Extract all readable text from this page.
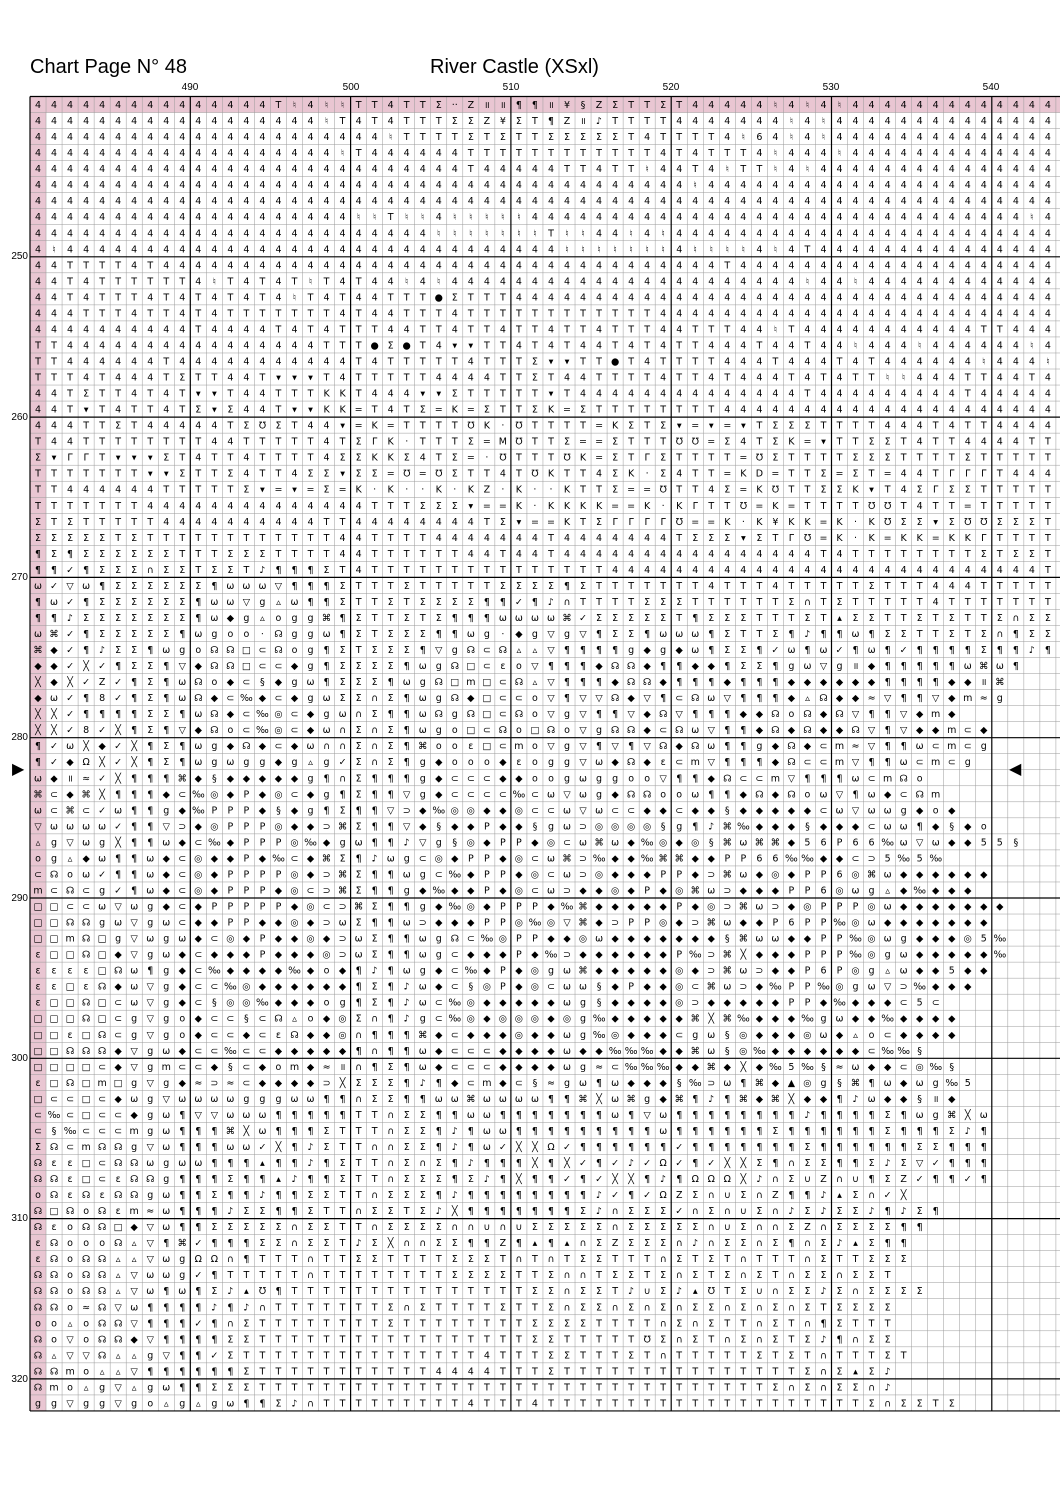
Chart Page N° 48	River Castle (XSxl)
490	500	510	520	530	540
250
260
270
280
290
300
310
320
4 4 4 4 4 4 4 4 4 4 4 4 4 4 4 T ♮ 4 ♮ ♮ T T 4 T T Σ ·· Z ॥ ॥ ¶ ¶ ॥ ¥ § Z Σ T T Σ T 4 4 4 4 4 ♮ 4 ♮ 4 ♮ 4 4 4 4 4 4 4 4 4 4 4 4 4
4 4 4 4 4 4 4 4 4 4 4 4 4 4 4 4 4 4 ♮ T 4 T 4 T T T Σ Σ Z ¥ Σ T ¶ Z ॥ ♪ T T T T 4 4 4 4 4 4 4 ♮ 4 ♮ 4 4 4 4 4 4 4 4 4 4 4 4 4 4
4 4 4 4 4 4 4 4 4 4 4 4 4 4 4 4 4 4 4 4 4 4 ♮ T T T T Σ T Σ T T Σ Σ Σ Σ Σ T 4 T T T T 4 ♮ 6 4 ♮ 4 ♮ 4 4 4 4 4 4 4 4 4 4 4 4 4 4
4 4 4 4 4 4 4 4 4 4 4 4 4 4 4 4 4 4 4 ♮ T 4 4 4 4 4 4 T T T T T T T T T T T T 4 T 4 T T T 4 ♮ 4 4 4 ♮ 4 4 4 4 4 4 4 4 4 4 4 4 4
4 4 4 4 4 4 4 4 4 4 4 4 4 4 4 4 4 4 4 4 4 4 4 4 4 4 4 T 4 4 4 4 4 T T 4 T T ♮ 4 4 T 4 ♮ T T ♮ 4 ♮ 4 4 4 4 4 4 4 4 4 4 4 4 4 4 4
4 4 4 4 4 4 4 4 4 4 4 4 4 4 4 4 4 4 4 4 4 4 4 4 4 4 4 4 4 4 4 4 4 4 4 4 4 4 4 4 4 ♮ 4 4 4 4 4 4 4 4 4 4 4 4 4 4 4 4 4 4 4 4 4 4
4 4 4 4 4 4 4 4 4 4 4 4 4 4 4 4 4 4 4 4 4 4 4 4 4 4 4 4 4 4 4 4 4 4 4 4 4 4 4 4 4 4 4 4 4 4 4 4 4 4 4 4 4 4 4 4 4 4 4 4 4 4 4 4
4 4 4 4 4 4 4 4 4 4 4 4 4 4 4 4 4 4 4 4 ♮ ♮ T ♮ ♮ 4 ♮ ♮ ♮ ♮ ♮ 4 4 4 4 4 4 4 4 4 4 4 4 4 4 4 4 4 4 4 4 4 4 4 4 4 4 4 4 4 4 4 ♮ 4
4 4 4 4 4 4 4 4 4 4 4 4 4 4 4 4 4 4 4 4 4 4 4 4 4 ♮ ♮ ♮ ♮ ♮ ♮ ♮ T ♮ ♮ 4 4 ♮ 4 ♮ 4 4 4 4 4 4 4 4 4 4 4 4 4 4 4 4 4 4 4 4 4 4 4 4
4 ♮ 4 4 4 4 4 4 4 4 4 4 4 4 4 4 4 4 4 4 4 4 4 4 4 4 4 4 4 4 4 4 4 ♮ ♮ ♮ ♮ ♮ ♮ ♮ 4 ♮ ♮ ♮ ♮ 4 ♮ 4 T 4 4 4 4 4 4 4 4 4 4 4 4 4 4 4
4 4 T T T T 4 T 4 4 4 4 4 4 4 4 4 4 4 4 4 4 4 4 4 4 4 4 4 4 4 4 4 4 4 4 4 4 4 4 4 4 4 T 4 4 4 4 4 4 4 4 4 4 4 4 4 4 4 4 4 4 4 4
4 4 T 4 T T T T T T 4 ♮ T 4 T 4 T ♮ T 4 T 4 4 ♮ 4 ♮ 4 4 4 4 4 4 4 4 4 4 4 4 4 4 4 4 4 4 4 4 4 4 ♮ 4 4 ♮ 4 4 4 4 4 4 4 4 4 4 4 4
4 4 T 4 T T T 4 T 4 T 4 T 4 T 4 ♮ T 4 T 4 4 T T T ● Σ T T T 4 4 4 4 4 4 4 4 4 4 4 4 4 4 4 4 4 4 4 4 4 4 4 4 4 4 4 4 4 4 4 4 4 4
4 4 4 T T T 4 T T 4 T 4 T T T T T T T 4 T 4 4 T T T 4 T T T T T T T T T T T T 4 4 4 4 4 4 4 4 4 4 4 4 4 4 4 4 4 4 4 4 4 4 4 4 4
4 4 4 4 4 4 4 4 4 4 T 4 4 4 4 T 4 T 4 T T T 4 4 T T 4 T T 4 T T 4 T T 4 T T T 4 4 T T T 4 4 ♮ T 4 4 4 4 4 4 4 4 4 4 4 T T 4 4 4
T T 4 4 4 4 4 4 4 4 4 4 4 4 4 4 4 4 T T T ● Σ ● T 4 ▾ ▾ T T 4 T 4 T 4 4 T 4 T 4 T T 4 4 4 T 4 4 T 4 4 ♮ 4 4 4 ♮ 4 4 4 4 4 4 ♮ 4
T T 4 4 4 4 4 4 T 4 4 4 4 4 4 4 4 4 4 4 T 4 T T T T T 4 T T T Σ ▾ ▾ T T ● T 4 T T T T 4 4 4 T 4 4 4 T 4 T 4 4 4 4 4 4 ♮ 4 4 4 ♮
T T T 4 T 4 4 4 T Σ T T 4 4 T ▾ ▾ ▾ T 4 T T T T T 4 4 4 4 T T Σ T 4 4 T T T T 4 T T 4 T 4 4 4 T 4 T 4 T T ♮ ♮ 4 4 4 T T 4 4 T 4
4 4 T Σ T T 4 T 4 T ▾ ▾ T 4 4 T T T K K T 4 4 4 ▾ ▾ Σ T T T T T ▾ T 4 4 4 4 4 4 4 4 4 4 4 4 4 4 T 4 4 4 4 4 4 4 4 4 T 4 4 4 4 4
4 4 T ▾ T 4 T T 4 T Σ ▾ Σ 4 4 T ▾ ▾ K K = T 4 T Σ = K = Σ T T Σ K = Σ T T T T T T T T 4 4 4 4 4 4 4 4 4 4 4 4 4 4 4 4 4 4 4 4 4
4 4 4 T T Σ T 4 4 4 4 4 T Σ ℧ Σ T 4 4 ▾ = K = T T T T ℧ K · ℧ T T T T = K Σ T Σ ▾ = ▾ = ▾ T Σ Σ Σ T T T T 4 4 4 T 4 T T 4 4 4 4
T 4 4 T T T T T T T T 4 4 T T T T T 4 T Σ Γ K · T T T Σ = M ℧ T T Σ = = Σ T T T ℧ ℧ = Σ 4 T Σ K = ▾ T T Σ Σ T 4 T T 4 4 4 4 T T
Σ ▾ Γ Γ T ▾ ▾ ▾ Σ T 4 T T 4 T T T T 4 Σ Σ K K Σ 4 T Σ = · ℧ T T T ℧ K = Σ T Γ Σ T T T T = ℧ Σ T T T T Σ Σ Σ T T T T Σ T T T T T
T T T T T T T ▾ ▾ Σ T T Σ 4 T T 4 Σ Σ ▾ Σ Σ = ℧ = ℧ Σ T T 4 T ℧ K T T 4 Σ K · Σ 4 T T = K D = T T Σ = Σ T = 4 4 T Γ Γ Γ T 4 4 4
T T 4 4 4 4 4 4 T T T T T Σ ▾ = ▾ = Σ = K · K · · K · K Z · K · · K T T Σ = = ℧ T T 4 Σ = K ℧ T T Σ Σ K ▾ T 4 Σ Γ Σ Σ T T T T T
T T T T T T T 4 4 4 4 4 4 4 4 4 4 4 4 4 4 T T T Σ Σ Σ ▾ = = K · K K K K = = K · K Γ T T ℧ = K = T T T T ℧ ℧ T 4 T T = T T T T T
Σ T Σ T T T T T 4 4 4 4 4 4 4 4 4 4 T T 4 4 4 4 4 4 4 4 T Σ ▾ = = K T Σ Γ Γ Γ Γ ℧ = = K · K ¥ K K = K · K ℧ Σ Σ ▾ Σ ℧ ℧ Σ Σ Σ T
Σ Σ Σ Σ Σ T Σ T T T T T T T T T T T T 4 4 T T T T 4 4 4 4 4 4 4 T 4 4 4 4 4 4 4 T Σ Σ Σ ▾ Σ T Γ ℧ = K · K = K K = K K Γ T T T T
¶ Σ ¶ Σ Σ Σ Σ Σ Σ T T T Σ Σ Σ T T T T 4 4 T T T T T T 4 4 T 4 4 T 4 4 4 4 4 4 4 4 4 4 4 4 4 4 4 4 T 4 T T T T T T T T Σ T Σ Σ T
¶ ¶ ✓ ¶ Σ Σ Σ ∩ Σ Σ T Σ Σ T ♪ ¶ ¶ ¶ Σ T 4 T T T T T T T T T T T T T T T 4 4 4 4 4 4 4 4 4 4 4 4 4 4 4 4 4 4 4 4 4 4 4 4 4 4 4 T
ω ✓ ▽ ω ¶ Σ Σ Σ Σ Σ Σ ¶ ω ω ω ▽ ¶ ¶ ¶ Σ T T T Σ T T T T T Σ Σ Σ Σ ¶ Σ T T T T T T T 4 T T T 4 T T T T T Σ T T T 4 4 4 T T T T T
¶ ω ✓ ¶ Σ Σ Σ Σ Σ Σ ¶ ω ω ▽ g ▵ ω ¶ ¶ Σ T T Σ T Σ Σ Σ Σ ¶ ¶ ✓ ¶ ♪ ∩ T T T T Σ Σ Σ T T T T T T Σ ∩ T Σ T T T T T 4 T T T T T T T
¶ ¶ ♪ Σ Σ Σ Σ Σ Σ Σ ¶ ω ◆ g ▵ o g g ⌘ ¶ Σ T T Σ T Σ ¶ ¶ ¶ ω ω ω ω ⌘ ✓ Σ Σ Σ Σ Σ T ¶ Σ Σ Σ T T T Σ T ▴ Σ Σ T T Σ T Σ T T Σ ∩ Σ Σ
ω ⌘ ✓ ¶ Σ Σ Σ Σ Σ ¶ ω g o o ⋅ ☊ g g ω ¶ Σ T Σ Σ Σ ¶ ¶ ω g ⋅ ◆ g ▽ g ▽ ¶ Σ Σ ¶ ω ω ω ¶ Σ T T Σ ¶ ♪ ¶ ¶ ω ¶ Σ Σ T T Σ T Σ ∩ ¶ Σ Σ
⌘ ◆ ✓ ¶ ♪ Σ Σ ¶ ω g o ☊ ☊ □ ⊂ ☊ o g ¶ Σ T Σ Σ Σ ¶ ▽ g ☊ ⊂ ☊ ▵ ▵ ▽ ¶ ¶ ¶ ¶ g ◆ g ◆ ω ¶ Σ Σ ¶ ✓ ω ¶ ω ✓ ¶ ω ¶ ✓ ¶ ¶ ¶ ¶ Σ ¶ ¶ ♪ ¶
◆ ◆ ✓ ╳ ✓ ¶ Σ Σ ¶ ▽ ◆ ☊ ☊ □ ⊂ ⊂ ◆ g ¶ Σ Σ Σ Σ ¶ ω g ☊ □ ⊂ ε o ▽ ¶ ¶ ¶ ◆ ☊ ☊ ◆ ¶ ¶ ◆ ◆ ¶ Σ Σ ¶ g ω ▽ g ॥ ◆ ¶ ¶ ¶ ¶ ¶ ω ⌘ ω ¶
╳ ◆ ╳ ✓ Z ✓ ¶ Σ ¶ ω ☊ o ◆ ⊂ § ◆ g ω ¶ Σ Σ Σ ¶ ω g ☊ □ m □ ⊂ ☊ ▵ ▽ ¶ ¶ ¶ ◆ ☊ ☊ ◆ ¶ ¶ ¶ ◆ ¶ ¶ ¶ ◆ ◆ ◆ ◆ ◆ ◆ ¶ ¶ ¶ ¶ ◆ ◆ ॥ ⌘
◆ ω ✓ ¶ 8 ✓ ¶ Σ ¶ ω ☊ ◆ ⊂ ‰ ◆ ⊂ ◆ g ω Σ Σ ∩ Σ ¶ ω g ☊ ◆ □ ⊂ ⊂ o ▽ ¶ ▽ ▽ ☊ ◆ ▽ ¶ ⊂ ☊ ω ▽ ¶ ¶ ¶ ◆ ▵ ☊ ◆ ◆ ≈ ▽ ¶ ¶ ▽ ◆ m ≈ g
╳ ╳ ✓ ¶ ¶ ¶ ¶ Σ Σ ¶ ω ☊ ◆ ⊂ ‰ ◎ ⊂ ◆ g ω ∩ Σ ¶ ¶ ω ☊ g ☊ □ ⊂ ☊ o ▽ g ▽ ¶ ¶ ▽ ◆ ☊ ▽ ¶ ¶ ¶ ◆ ◆ ☊ o ☊ ◆ ☊ ▽ ¶ ¶ ▽ ◆ m ◆
╳ ╳ ✓ 8 ✓ ╳ ¶ Σ ¶ ▽ ◆ ☊ o ⊂ ‰ ◎ ⊂ ◆ ω ∩ Σ ∩ Σ ¶ ω g o □ ⊂ ☊ o □ ☊ o ▽ g ☊ ☊ ◆ ⊂ ☊ ω ▽ ¶ ¶ ◆ ☊ ◆ ☊ ◆ ◆ ☊ ▽ ¶ ▽ ◆ ◆ m ⊂ ◆
¶ ✓ ω ╳ ◆ ✓ ╳ ¶ Σ ¶ ω g ◆ ☊ ◆ ⊂ ◆ ω ∩ ∩ Σ ∩ Σ ¶ ⌘ o o ε □ ⊂ m o ▽ g ▽ ¶ ▽ ¶ ▽ ☊ ◆ ☊ ω ¶ ¶ g ◆ ☊ ◆ ⊂ m ≈ ▽ ¶ ¶ ω ⊂ m ⊂ g
¶ ✓ ◆ Ω ╳ ✓ ╳ ¶ Σ ¶ ω g ω g g ◆ g ▵ g ✓ Σ ∩ Σ ¶ g ◆ o o o ◆ ε o g g ▽ ω ◆ ☊ ◆ ε ⊂ m ▽ ¶ ¶ ¶ ◆ ☊ ⊂ ⊂ m ▽ ¶ ¶ ω ⊂ m ⊂ g
ω ◆ ॥ ≈ ✓ ╳ ¶ ¶ ¶ ⌘ ◆ § ◆ ◆ ◆ ◆ ◆ g ¶ ∩ Σ ¶ ¶ ¶ g ◆ ⊂ ⊂ ⊂ ◆ ◆ o o g ω g g o o ▽ ¶ ¶ ◆ ☊ ⊂ ⊂ m ▽ ¶ ¶ ¶ ω ⊂ m ☊ o
⌘ ⊂ ◆ ⌘ ╳ ¶ ¶ ¶ ◆ ⊂ ‰ ◎ ◆ P ◆ ◎ ⊂ ◆ g ¶ Σ ¶ ¶ ▽ g ◆ ⊂ ⊂ ⊂ ⊂ ‰ ⊂ ω ▽ ω g ◆ ☊ ☊ o o ω ¶ ¶ ◆ ☊ ◆ ☊ o ω ▽ ¶ ω ◆ ⊂ ☊ m
ω ⊂ ⌘ ⊂ ✓ ω ¶ ¶ g ◆ ‰ P P P ◆ § ◆ g ¶ Σ ¶ ¶ ▽ ⊃ ◆ ‰ ◎ ◎ ◆ ◆ ◎ ⊂ ⊂ ω ▽ ω ⊂ ⊂ ◆ ◆ ⊂ ◆ ◆ § ◆ ◆ ◆ ◆ ◆ ⊂ ω ▽ ω ω g ◆ o ◆
▽ ω ω ω ω ✓ ¶ ¶ ▽ ⊃ ◆ ◎ P P P ◎ ◆ ◆ ⊃ ⌘ Σ ¶ ¶ ▽ ◆ § ◆ ◆ P ◆ ◆ § g ω ⊃ ◎ ◎ ◎ ◎ § g ¶ ♪ ⌘ ‰ ◆ ◆ ◆ § ◆ ◆ ◆ ⊂ ω ω ¶ ◆ § ◆ o
▵ g ▽ ω g ╳ ¶ ¶ ω ◆ ⊂ ‰ ◆ P P P ◎ ‰ ◆ g ω ¶ ¶ ♪ ▽ g § ◎ ◆ P P ◆ ◎ ⊂ ω ⌘ ω ◆ ‰ ◎ ◆ ◎ § ⌘ ω ⌘ ⌘ ◆ 5 6 P 6 6 ‰ ω ▽ ω ◆ ◆ 5 5 §
o g ▵ ◆ ω ¶ ¶ ω ◆ ⊂ ◎ ◆ ◆ P ◆ ‰ ⊂ ◆ ⌘ Σ ¶ ♪ ω g ⊂ ◎ ◆ P P ◆ ◎ ⊂ ω ⌘ ⊃ ‰ ◆ ◆ ‰ ⌘ ⌘ ◆ ◆ P P 6 6 ‰ ‰ ◆ ◆ ⊂ ⊃ 5 ‰ 5 ‰
⊂ ☊ o ω ✓ ¶ ¶ ω ◆ ⊂ ◎ ◆ P P P P ◎ ◆ ⊃ ⌘ Σ ¶ ¶ ω g ⊂ ‰ ◆ P P ◆ ◎ ⊂ ω ⊃ ◎ ◆ ◆ ◆ P P ◆ ⊃ ⌘ ω ◆ ◎ ◆ P P 6 ◎ ⌘ ω ◆ ◆ ◆ ◆ ◆ ◆
m ⊂ ☊ ⊂ g ✓ ¶ ω ◆ ⊂ ◎ ◆ P P P ◆ ◎ ⊂ ⊃ ⌘ Σ ¶ ¶ g ◆ ‰ ◆ ◆ P ◆ ◎ ⊂ ω ⊃ ◆ ◆ ◎ ◆ P ◆ ◎ ⌘ ω ⊃ ◆ ◆ ◆ P P 6 ◎ ω g ▵ ◆ ‰ ◆ ◆ ◆
□ □ ⊂ ⊂ ω ▽ ω g ◆ ⊂ ◆ P P P P P ◆ ◎ ⊂ ⊃ ⌘ Σ ¶ ¶ g ◆ ‰ ◎ ◆ P P P ◆ ‰ ⌘ ◆ ◆ ◆ ◆ ◆ P ◆ ◎ ⊃ ⌘ ω ⊃ ◆ ◎ P P P ◎ ω ◆ ◆ ◆ ◆ ◆ ◆ ◆
□ □ ☊ ☊ g ω ▽ g ω ⊂ ◆ ◆ P P ◆ ◆ ◎ ◆ ⊃ ω Σ ¶ ¶ ω ⊃ ◆ ◆ ◆ P P ◎ ‰ ◎ ▽ ⌘ ◆ ⊃ P P ◎ ◆ ⊃ ⌘ ω ◆ ◆ P 6 P P ‰ ◎ ω ◆ ◆ ◆ ◆ ◆ ◆ ◆
□ □ m ☊ □ g ▽ ω g ω ◆ ⊂ ◎ ◆ P ◆ ◆ ◎ ◆ ⊃ ω Σ ¶ ¶ ω g ☊ ⊂ ‰ ◎ P P ◆ ◆ ◎ ω ◆ ◆ ◆ ◆ ◆ ◆ ◆ § ⌘ ω ω ◆ ◆ P P ‰ ◎ ω g ◆ ◆ ◆ ◎ 5 ‰
ε □ □ ☊ □ ◆ ▽ g ω ◆ ⊂ ◆ ◆ ◆ P ◆ ◆ ◆ ◎ ⊃ ω Σ ¶ ¶ ω g ⊂ ◆ ◆ ◆ P ◆ ‰ ⊃ ◆ ◆ ◆ ◆ ◆ ◆ P ‰ ⊃ ⌘ ╳ ◆ ◆ ◆ P P P ‰ ◎ g ω ◆ ◆ ◆ ◆ ◆ ‰
ε ε ε ε □ ☊ ω ¶ g ◆ ⊂ ‰ ◆ ◆ ◆ ◆ ‰ ◆ o ◆ ¶ ♪ ¶ ω g ◆ ⊂ ‰ ◆ P ◆ ◎ g ω ⌘ ◆ ◆ ◆ ◆ ◆ ◎ ◆ ⊃ ⌘ ω ⊃ ◆ ◆ P 6 P ◎ g ▵ ω ◆ ◆ 5 ◆ ◆
ε ε □ ε ☊ ◆ ω ▽ g ◆ ⊂ ⊂ ‰ ◎ ◆ ◆ ◆ ◆ ◆ ◆ ¶ Σ ¶ ♪ ω ◆ ⊂ § ◎ P ◆ ◎ ⊂ ω ω § ◆ P ◆ ◆ ◎ ⊂ ⌘ ω ⊃ ◆ ‰ P P ‰ ◎ g ω ▽ ⊃ ‰ ◆ ◆ ◆
ε □ □ ☊ □ ⊂ ω ▽ g ◆ ⊂ § ◎ ◎ ‰ ◆ ◆ ◆ o g ¶ Σ ¶ ♪ ω ⊂ ‰ ◎ ◆ ◆ ◆ ◆ ◆ ω g § ◆ ◆ ◆ ◆ ◎ ⊃ ◆ ◆ ◆ ◆ ◆ P P ◆ ‰ ◆ ◆ ◆ ⊂ 5 ⊂
□ □ □ ☊ □ ⊂ g ▽ g o ◆ ⊂ ⊂ § ⊂ ☊ ▵ o ◆ ◎ Σ ∩ ¶ ♪ g ⊂ ‰ ◎ ◆ ◎ ◎ ◎ ◆ ◎ g ‰ ◆ ◆ ◆ ◆ ◆ ⌘ ╳ ⌘ ‰ ◆ ◆ ◆ ‰ g ω ◆ ◆ ‰ ◆ ◆ ◆ ◆
□ □ ε □ ☊ ⊂ g ▽ g o ◆ ⊂ ⊂ ◆ ⊂ ε ☊ ◆ ◆ ◎ ∩ ¶ ¶ ¶ ⌘ ◆ ⊂ ◆ ◆ ◆ ◎ ◆ ◆ ω g ‰ ◎ ◆ ◆ ◆ ⊂ g ω § ◎ ◆ ◆ ◆ ◎ ω ◆ ▵ o ⊂ ◆ ◆ ◆ ◆
□ □ ☊ ☊ ☊ ◆ ▽ g ω ◆ ⊂ ⊂ ‰ ⊂ ⊂ ◆ ◆ ◆ ◆ ◆ ¶ ∩ ¶ ¶ ω ◆ ⊂ ⊂ ⊂ ◆ ◆ ◆ ◆ ω ◆ ◆ ‰ ‰ ‰ ◆ ◆ ⌘ ω § ◎ ‰ ◆ ◆ ◆ ◆ ◆ ◆ ⊂ ‰ ‰ §
□ □ □ □ ⊂ ◆ ▽ g m ⊂ ⊂ ◆ § ⊂ ◆ o m ◆ ≈ ॥ ∩ ¶ Σ ¶ ω ◆ ⊂ ⊂ ⊂ ◆ ◆ ◆ ◆ ω g ≈ ⊂ ‰ ‰ ‰ ◆ ◆ ⌘ ◆ ╳ ◆ ‰ 5 ‰ § ≈ ω ◆ ◆ ⊂ ◎ ‰ §
ε □ ☊ □ m □ g ▽ g ◆ ≈ ⊃ ≈ ⊂ ◆ ◆ ◆ ◆ ⊃ ╳ Σ Σ Σ ¶ ♪ ¶ ◆ ⊂ m ◆ ⊂ § ≈ g ω ¶ ω ◆ ◆ ◆ § ‰ ⊃ ω ¶ ⌘ ◆ ▲ ◎ g § ⌘ ¶ ω ◆ ω g ‰ 5
□ ⊂ ⊂ □ ⊂ ◆ ω g ▽ ω ω ω ω g g g ω ω ¶ ¶ ∩ Σ Σ ¶ ¶ ω ω ⌘ ω ω ω ω ¶ ¶ ⌘ ╳ ω ⌘ g ◆ ⌘ ¶ ♪ ¶ ⌘ ◆ ⌘ ╳ ◆ ◆ ¶ ♪ ω ◆ ◆ § ॥ ◆
⊂ ‰ ⊂ □ ⊂ ⊂ ◆ g ω ¶ ▽ ▽ ω ω ω ¶ ¶ ¶ ¶ ¶ T T ∩ Σ Σ ¶ ¶ ω ω ¶ ¶ ¶ ¶ ¶ ¶ ¶ ω ¶ ▽ ω ¶ ¶ ¶ ¶ ¶ ¶ ¶ ¶ ♪ ¶ ¶ ¶ ¶ Σ ¶ ω g ⌘ ╳ ω
⊂ § ‰ ⊂ ⊂ ⊂ m g ω ¶ ¶ ¶ ⌘ ╳ ω ¶ ¶ ¶ Σ T T T ∩ Σ Σ ¶ ♪ ¶ ω ω ¶ ¶ ¶ ¶ ¶ ¶ ¶ ¶ ¶ ω ¶ ¶ ¶ ¶ ¶ ¶ Σ ¶ ¶ ¶ ¶ ¶ ¶ Σ ¶ ¶ ¶ Σ ♪ ¶
Σ ☊ ⊂ m ☊ ☊ g ▽ ω ¶ ¶ ¶ ω ω ✓ ╳ ¶ ♪ Σ T T ∩ ∩ Σ Σ ¶ ♪ ¶ ω ✓ ╳ ╳ Ω ✓ ¶ ¶ ¶ ¶ ¶ ¶ ✓ ¶ ¶ ¶ ¶ ¶ ¶ ¶ Σ ¶ ¶ ¶ ¶ ¶ ¶ Σ Σ ¶ ¶ ¶
☊ ε ε □ ⊂ ☊ ☊ ω g ω ω ¶ ¶ ¶ ▴ ¶ ¶ ♪ ¶ Σ T T ∩ Σ ∩ Σ ¶ ♪ ¶ ¶ ¶ ╳ ¶ ╳ ✓ ¶ ✓ ♪ ✓ Ω ✓ ¶ ✓ ╳ ╳ Σ ¶ ∩ Σ Σ ¶ ¶ Σ ♪ Σ ▽ ✓ ¶ ¶ ¶
☊ ☊ ε □ ⊂ ε ☊ ☊ g ¶ ¶ ¶ Σ ¶ ¶ ▴ ♪ ¶ ¶ Σ T T ∩ Σ Σ Σ ¶ Σ ♪ ¶ ╳ ¶ ¶ ✓ ¶ ✓ ╳ ╳ ¶ ♪ ¶ Ω Ω Ω ╳ ♪ ∩ Σ ∪ Z ∩ ∪ ¶ Σ Z ✓ ¶ ¶ ✓ ¶
o ☊ ε ☊ ε ☊ ☊ g ω ¶ ¶ Σ ¶ ¶ ♪ ¶ ¶ Σ Σ T T ∩ Σ Σ Σ ¶ ♪ ¶ ¶ ¶ ¶ ¶ ¶ ¶ ¶ ♪ ✓ ¶ ✓ Ω Z Σ ∩ ∪ Σ ∩ Z ¶ ¶ ♪ ▴ Σ ∩ ✓ ╳
☊ □ ☊ o ☊ ε m ≈ ω ¶ ¶ ¶ ♪ Σ Σ ¶ ¶ Σ T T ∩ Σ Σ T Σ ♪ ╳ ¶ ¶ ¶ ¶ ¶ ¶ ¶ Σ ♪ ∩ Σ Σ Σ ✓ ∩ Σ ∩ ∪ Σ ∩ ♪ Σ ♪ Σ Σ ♪ ¶ ♪ Σ ¶
☊ ε o ☊ ☊ □ ◆ ▽ ω ¶ ¶ Σ Σ Σ Σ Σ ∩ Σ Σ T T ∩ Σ Σ Σ Σ ∩ ∩ ∪ ∩ ∪ Σ Σ Σ Σ Σ ∩ Σ Σ Σ Σ Σ ∩ ∪ Σ ∩ ∩ Σ Z ∩ Σ Σ Σ Σ ¶ ¶
ε ☊ o o o ☊ ▵ ▽ ¶ ⌘ ✓ ¶ ¶ ¶ Σ Σ ∩ Σ Σ T ♪ Σ ╳ ∩ ∩ Σ Σ ¶ ¶ Z ¶ ▴ ¶ ▴ ∩ Σ Z Σ Σ Σ ∩ ♪ ∩ Σ Σ ∩ Σ ¶ ∩ Σ ♪ ▴ Σ ¶ ¶
ε ☊ o ☊ ☊ ▵ ▵ ▽ ω g Ω Ω ∩ ¶ T T T ∩ T T Σ Σ T T T T Σ Σ Σ T ∩ T ∩ T Σ Σ T T T ∩ Σ T Σ T ∩ T T T ∩ Σ T T Σ Σ Σ
☊ ☊ o ☊ ☊ ▵ ▽ ω ω g ✓ ¶ T T T T T ∩ T T T T T T T T Σ Σ Σ Σ T T Σ ∩ ∩ T Σ Σ T Σ ∩ Σ T Σ ∩ Σ T ∩ Σ Σ ∩ Σ Σ T
☊ ☊ o ☊ ☊ ▵ ▽ ω ¶ ω ¶ Σ ♪ ▴ ℧ ¶ T T T T T T T T T T T T T T T Σ Σ ∩ Σ Σ T ♪ ∪ Σ ♪ ▴ ℧ T Σ ∪ ∩ Σ Σ ♪ Σ ∩ Σ Σ Σ Σ
☊ ☊ o ≈ ☊ ▽ ω ¶ ¶ ¶ ¶ ♪ ¶ ♪ ∩ T T T T T T T Σ ∩ Σ T T T T Σ T T Σ ∩ Σ Σ ∩ Σ ∩ Σ ∩ Σ Σ ∩ Σ ∩ Σ ∩ Σ T Σ Σ Σ Σ
o o ▵ o ☊ ☊ ▽ ¶ ¶ ¶ ✓ ¶ ∩ Σ T T T T T T T T Σ T T T T T T T T Σ Σ Σ Σ T T T T ∩ Σ ∩ Σ T T ∩ Σ T ∩ ¶ Σ T T T
☊ o ▽ o ☊ ☊ ◆ ▽ ¶ ¶ ¶ ¶ Σ Σ T T T T T T T T T T T T T T T T T Σ Σ T T T T T ℧ Σ ∩ Σ T ∩ Σ ∩ Σ T Σ ♪ ¶ ∩ Σ Σ
☊ ▵ ▽ ▽ ☊ ▵ ▵ g ▽ ¶ ¶ ✓ Σ T T T T T T T T T T T T T T T 4 T T T Σ Σ T T T Σ T ∩ T T T T T Σ T Σ T ∩ T T T Σ T
☊ ☊ m o ▵ ▵ ▽ ¶ ¶ ¶ ¶ ¶ ¶ Σ T T T T T T T T T T T 4 4 4 4 T T T Σ T T T T T T T T T T T T T T T Σ ∩ Σ ▴ Σ ♪
☊ m o ▵ g ▽ ▵ g ω ¶ ¶ Σ Σ Σ T T T T T T T T T T T T T T T T T T T T T T T T T T T T T T T T Σ ∩ Σ ∩ Σ Σ ∩ ♪
g g ▽ g g ▽ g o ▵ g ▵ g ω ¶ ¶ Σ ♪ ∩ T T T T T T T T T 4 T T T 4 T T T T T T T T T T T T T T T T T T T T Σ ∩ Σ Σ T Σ
▶	◀
